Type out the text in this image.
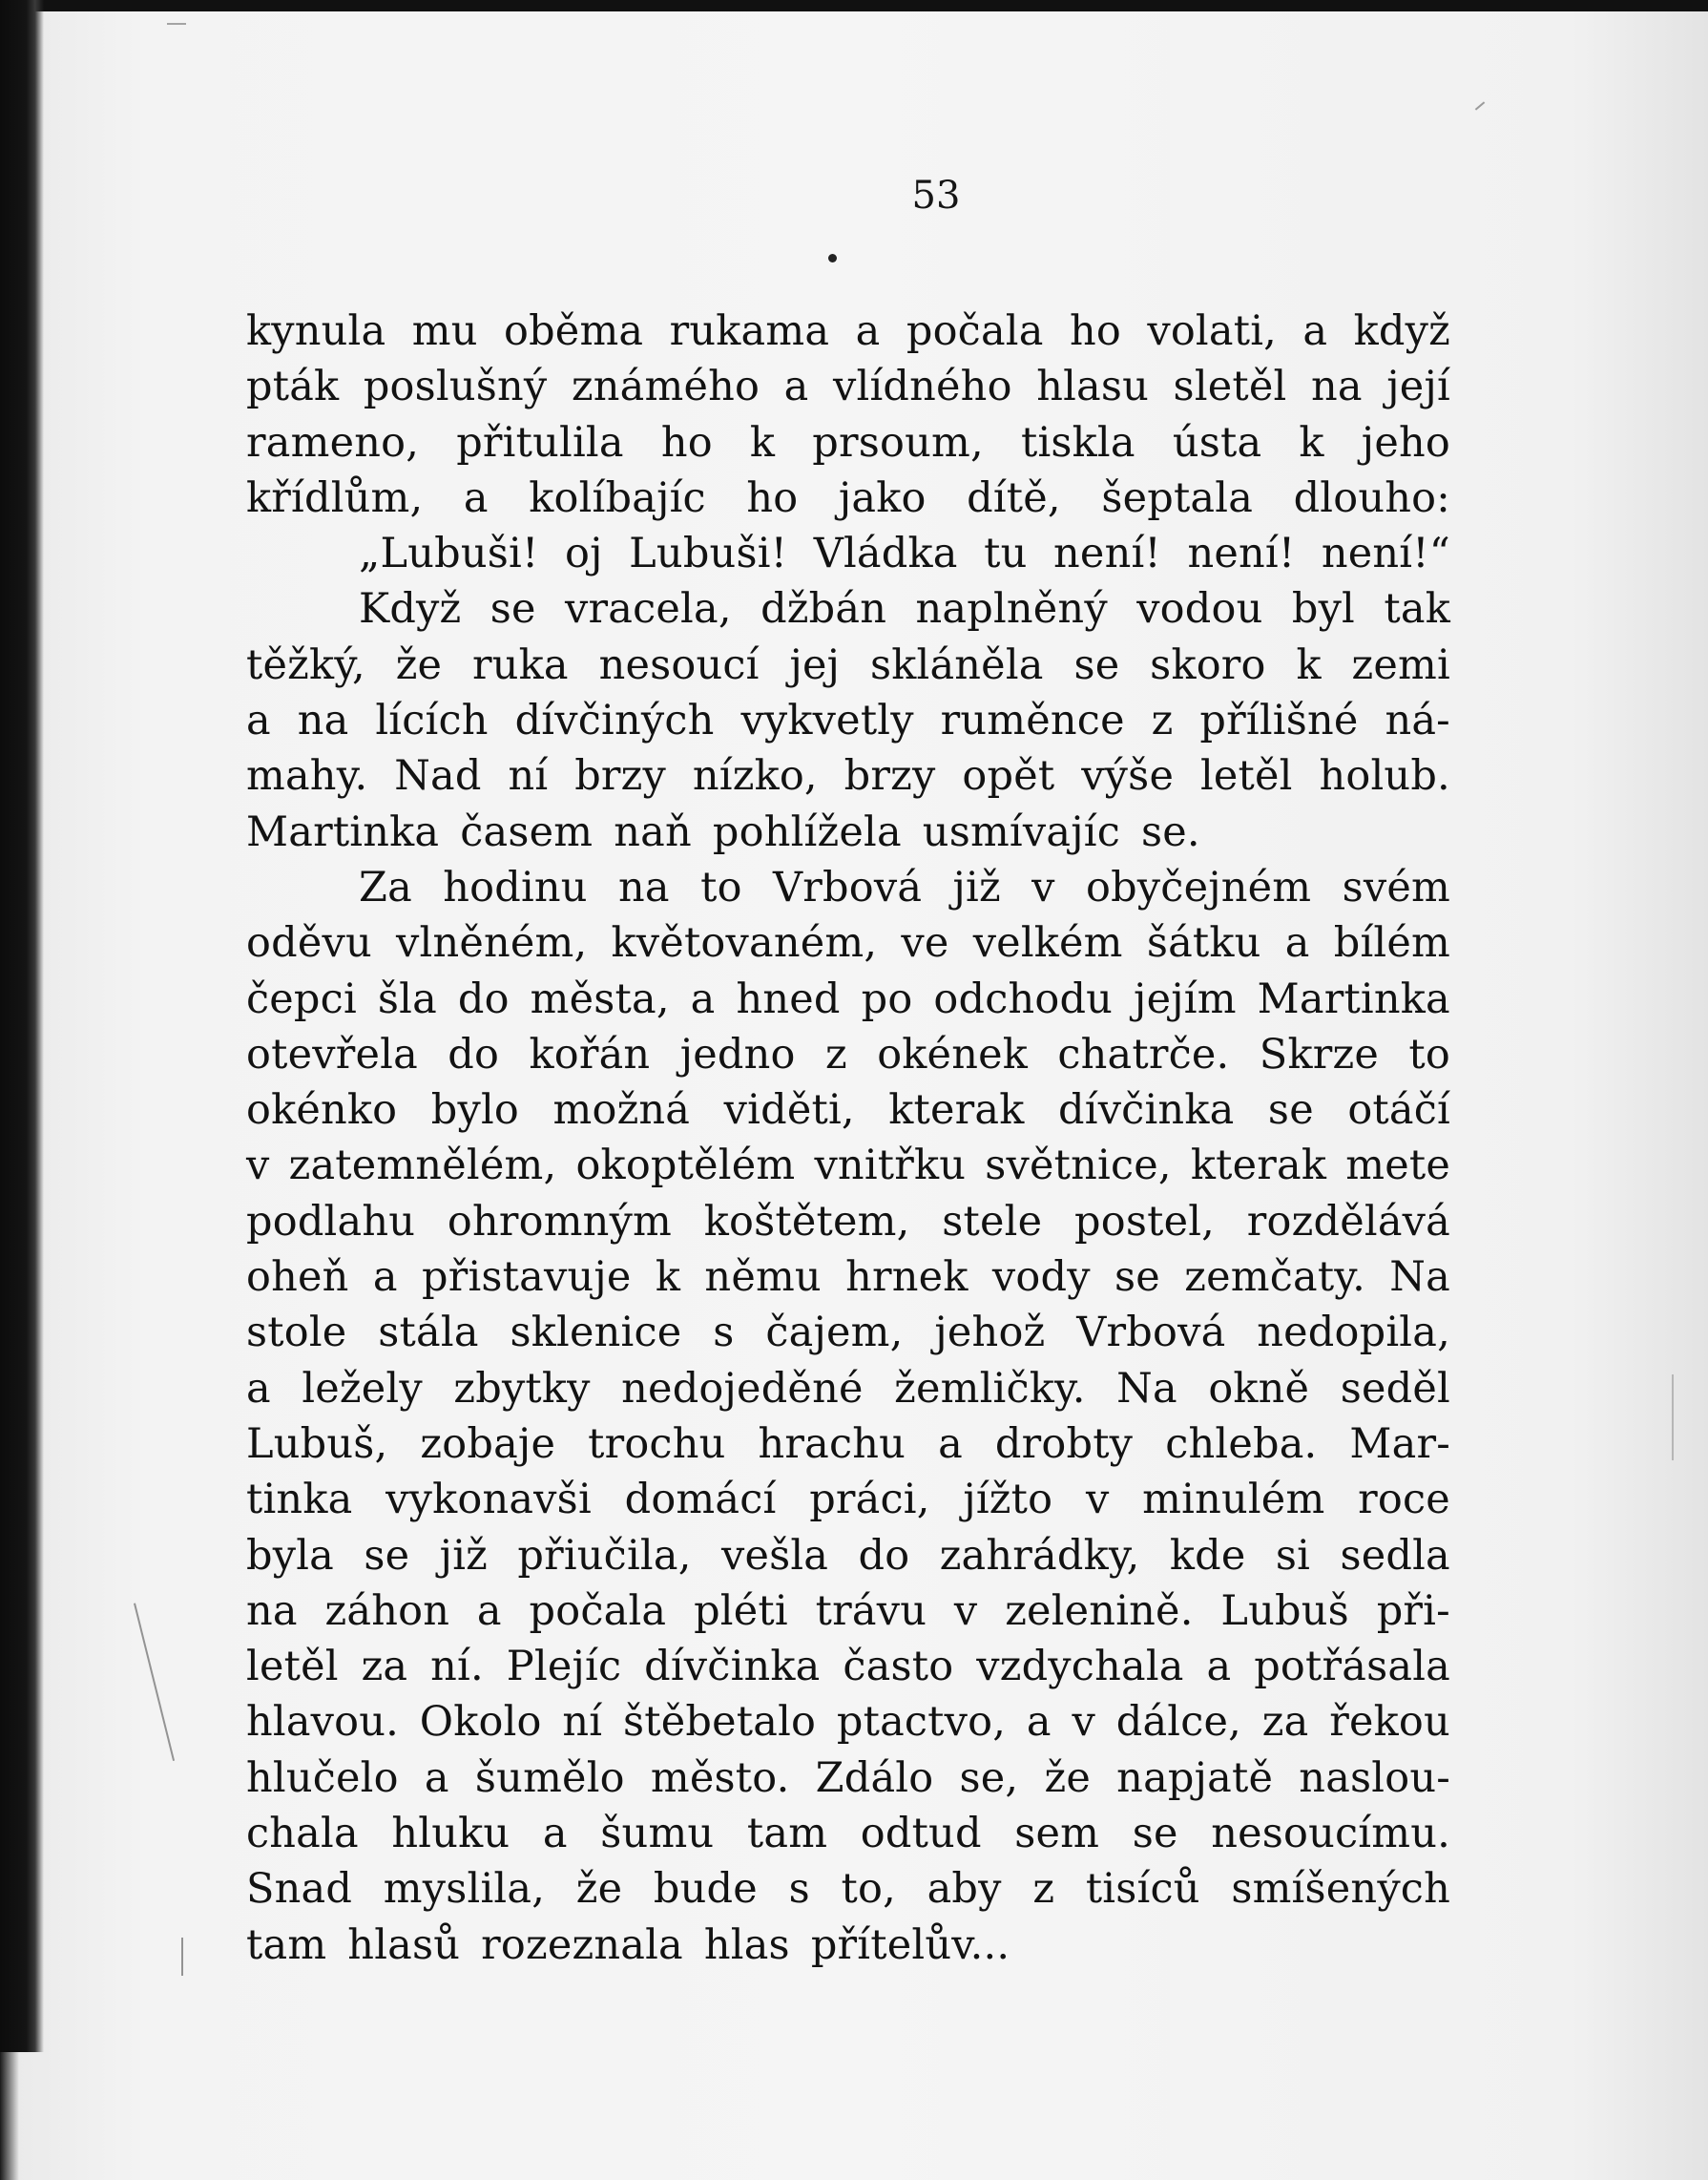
53
kynula mu oběma rukama a počala ho volati, a když
pták poslušný známého a vlídného hlasu sletěl na její
rameno, přitulila ho k prsoum, tiskla ústa k jeho
křídlům, a kolíbajíc ho jako dítě, šeptala dlouho:
„Lubuši! oj Lubuši! Vládka tu není! není! není!“
Když se vracela, džbán naplněný vodou byl tak
těžký, že ruka nesoucí jej skláněla se skoro k zemi
a na lících dívčiných vykvetly ruměnce z přílišné ná-
mahy. Nad ní brzy nízko, brzy opět výše letěl holub.
Martinka časem naň pohlížela usmívajíc se.
Za hodinu na to Vrbová již v obyčejném svém
oděvu vlněném, květovaném, ve velkém šátku a bílém
čepci šla do města, a hned po odchodu jejím Martinka
otevřela do kořán jedno z okének chatrče. Skrze to
okénko bylo možná viděti, kterak dívčinka se otáčí
v zatemnělém, okoptělém vnitřku světnice, kterak mete
podlahu ohromným koštětem, stele postel, rozdělává
oheň a přistavuje k němu hrnek vody se zemčaty. Na
stole stála sklenice s čajem, jehož Vrbová nedopila,
a ležely zbytky nedojeděné žemličky. Na okně seděl
Lubuš, zobaje trochu hrachu a drobty chleba. Mar-
tinka vykonavši domácí práci, jížto v minulém roce
byla se již přiučila, vešla do zahrádky, kde si sedla
na záhon a počala pléti trávu v zelenině. Lubuš při-
letěl za ní. Plejíc dívčinka často vzdychala a potřásala
hlavou. Okolo ní štěbetalo ptactvo, a v dálce, za řekou
hlučelo a šumělo město. Zdálo se, že napjatě naslou-
chala hluku a šumu tam odtud sem se nesoucímu.
Snad myslila, že bude s to, aby z tisíců smíšených
tam hlasů rozeznala hlas přítelův...
